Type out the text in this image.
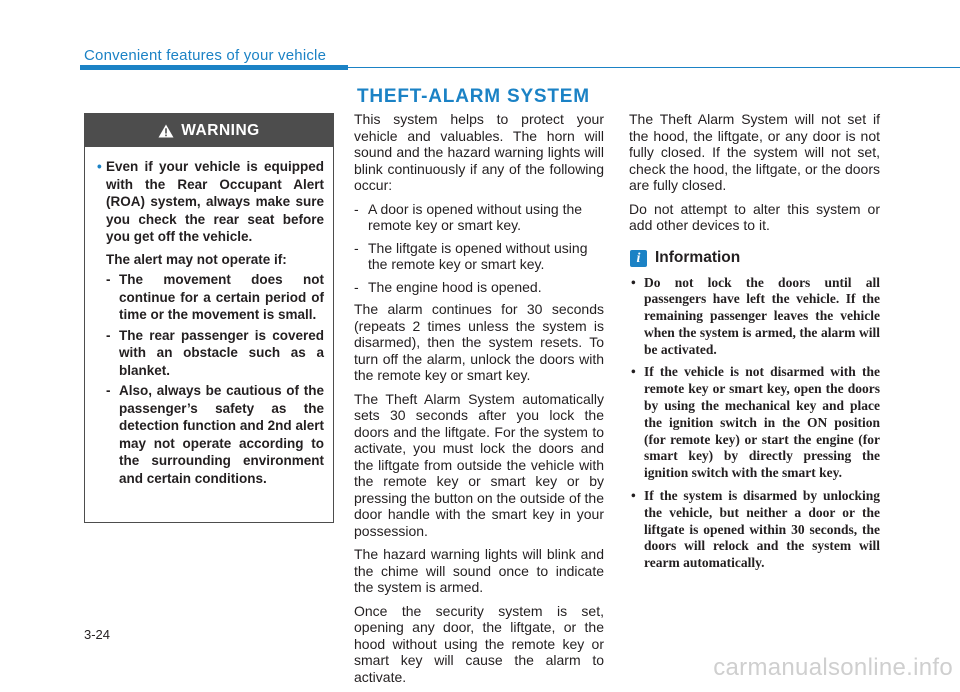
Convenient features of your vehicle
WARNING
• Even if your vehicle is equipped with the Rear Occupant Alert (ROA) system, always make sure you check the rear seat before you get off the vehicle.
The alert may not operate if:
- The movement does not continue for a certain period of time or the movement is small.
- The rear passenger is covered with an obstacle such as a blanket.
- Also, always be cautious of the passenger’s safety as the detection function and 2nd alert may not operate according to the surrounding environment and certain conditions.
THEFT-ALARM SYSTEM

This system helps to protect your vehicle and valuables. The horn will sound and the hazard warning lights will blink continuously if any of the following occur:

- A door is opened without using the remote key or smart key.
- The liftgate is opened without using the remote key or smart key.
- The engine hood is opened.

The alarm continues for 30 seconds (repeats 2 times unless the system is disarmed), then the system resets. To turn off the alarm, unlock the doors with the remote key or smart key.

The Theft Alarm System automatically sets 30 seconds after you lock the doors and the liftgate. For the system to activate, you must lock the doors and the liftgate from outside the vehicle with the remote key or smart key or by pressing the button on the outside of the door handle with the smart key in your possession.

The hazard warning lights will blink and the chime will sound once to indicate the system is armed.

Once the security system is set, opening any door, the liftgate, or the hood without using the remote key or smart key will cause the alarm to activate.

The Theft Alarm System will not set if the hood, the liftgate, or any door is not fully closed. If the system will not set, check the hood, the liftgate, or the doors are fully closed.

Do not attempt to alter this system or add other devices to it.

i Information
• Do not lock the doors until all passengers have left the vehicle. If the remaining passenger leaves the vehicle when the system is armed, the alarm will be activated.
• If the vehicle is not disarmed with the remote key or smart key, open the doors by using the mechanical key and place the ignition switch in the ON position (for remote key) or start the engine (for smart key) by directly pressing the ignition switch with the smart key.
• If the system is disarmed by unlocking the vehicle, but neither a door or the liftgate is opened within 30 seconds, the doors will relock and the system will rearm automatically.
3-24
carmanualsonline.info
